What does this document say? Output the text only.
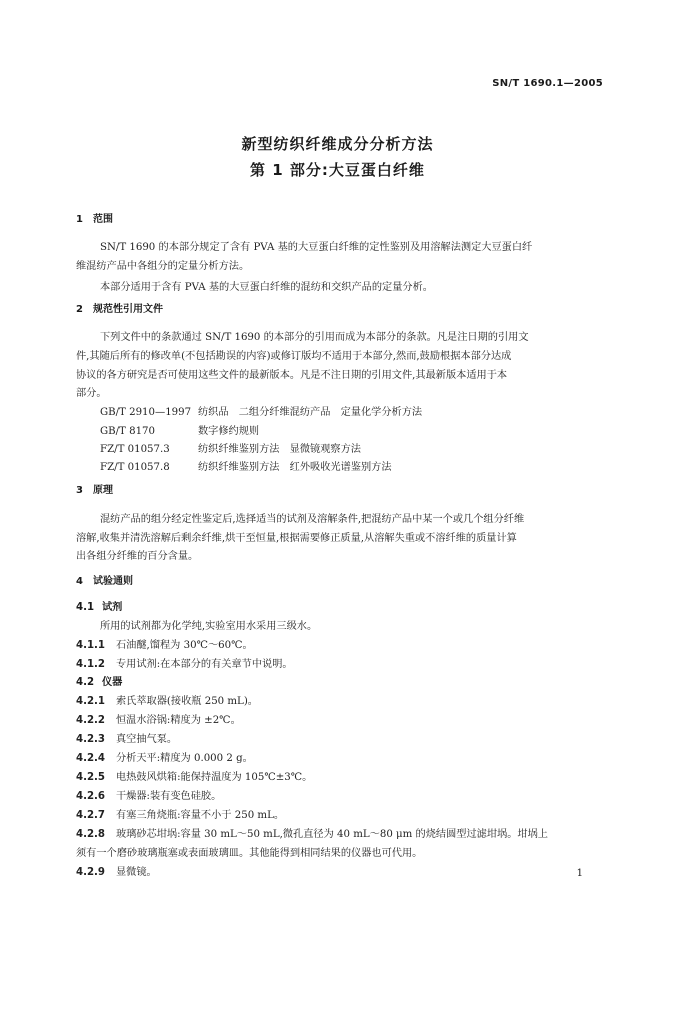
SN/T 1690.1—2005
新型纺织纤维成分分析方法
第 1 部分:大豆蛋白纤维
1　范围
SN/T 1690 的本部分规定了含有 PVA 基的大豆蛋白纤维的定性鉴别及用溶解法测定大豆蛋白纤
维混纺产品中各组分的定量分析方法。
本部分适用于含有 PVA 基的大豆蛋白纤维的混纺和交织产品的定量分析。
2　规范性引用文件
下列文件中的条款通过 SN/T 1690 的本部分的引用而成为本部分的条款。凡是注日期的引用文
件,其随后所有的修改单(不包括勘误的内容)或修订版均不适用于本部分,然而,鼓励根据本部分达成
协议的各方研究是否可使用这些文件的最新版本。凡是不注日期的引用文件,其最新版本适用于本
部分。
GB/T 2910—1997 纺织品　二组分纤维混纺产品　定量化学分析方法
GB/T 8170	数字修约规则
FZ/T 01057.3	纺织纤维鉴别方法　显微镜观察方法
FZ/T 01057.8	纺织纤维鉴别方法　红外吸收光谱鉴别方法
3　原理
混纺产品的组分经定性鉴定后,选择适当的试剂及溶解条件,把混纺产品中某一个或几个组分纤维
溶解,收集并清洗溶解后剩余纤维,烘干至恒量,根据需要修正质量,从溶解失重或不溶纤维的质量计算
出各组分纤维的百分含量。
4　试验通则
4.1 试剂
所用的试剂都为化学纯,实验室用水采用三级水。
4.1.1 石油醚,馏程为 30℃～60℃。
4.1.2 专用试剂:在本部分的有关章节中说明。
4.2 仪器
4.2.1 索氏萃取器(接收瓶 250 mL)。
4.2.2 恒温水浴锅:精度为 ±2℃。
4.2.3 真空抽气泵。
4.2.4 分析天平:精度为 0.000 2 g。
4.2.5 电热鼓风烘箱:能保持温度为 105℃±3℃。
4.2.6 干燥器:装有变色硅胶。
4.2.7 有塞三角烧瓶:容量不小于 250 mL。
4.2.8 玻璃砂芯坩埚:容量 30 mL～50 mL,微孔直径为 40 mL～80 μm 的烧结圆型过滤坩埚。坩埚上
须有一个磨砂玻璃瓶塞或表面玻璃皿。其他能得到相同结果的仪器也可代用。
4.2.9 显微镜。	1
